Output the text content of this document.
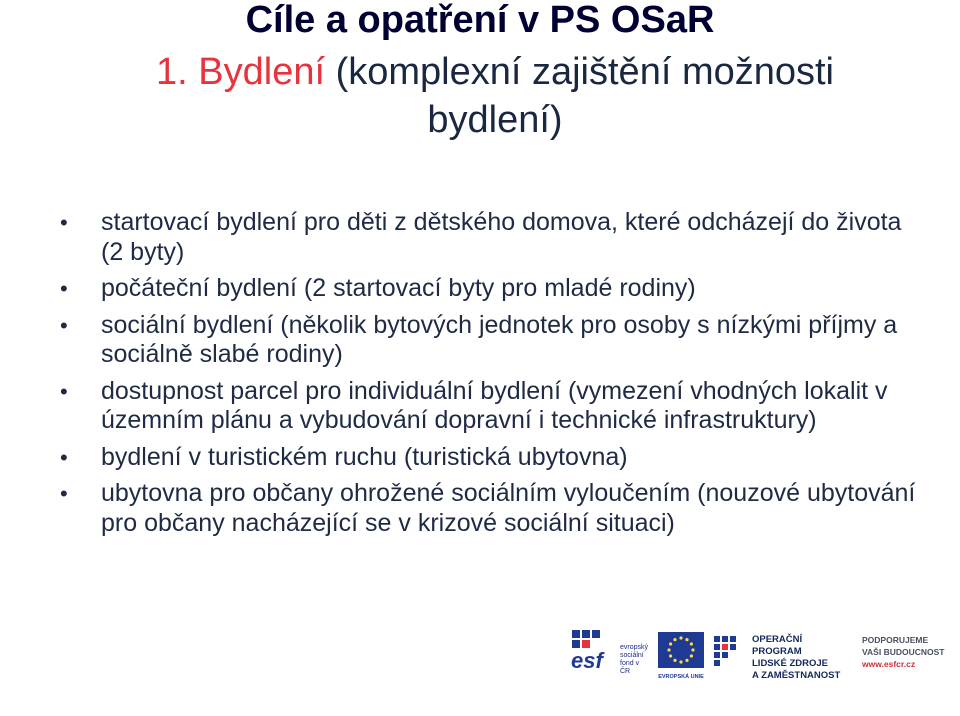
Cíle a opatření v PS OSaR

1. Bydlení (komplexní zajištění možnosti bydlení)

•	startovací bydlení pro děti z dětského domova, které odcházejí do života (2 byty)
•	počáteční bydlení (2 startovací byty pro mladé rodiny)
•	sociální bydlení (několik bytových jednotek pro osoby s nízkými příjmy a sociálně slabé rodiny)
•	dostupnost parcel pro individuální bydlení (vymezení vhodných lokalit v územním plánu a vybudování dopravní i technické infrastruktury)
•	bydlení v turistickém ruchu (turistická ubytovna)
•	ubytovna pro občany ohrožené sociálním vyloučením (nouzové ubytování pro občany nacházející se v krizové sociální situaci)
esf
evropský
sociální
fond v ČR
EVROPSKÁ UNIE
OPERAČNÍ PROGRAM
LIDSKÉ ZDROJE
A ZAMĚSTNANOST
PODPORUJEME
VAŠI BUDOUCNOST
www.esfcr.cz
